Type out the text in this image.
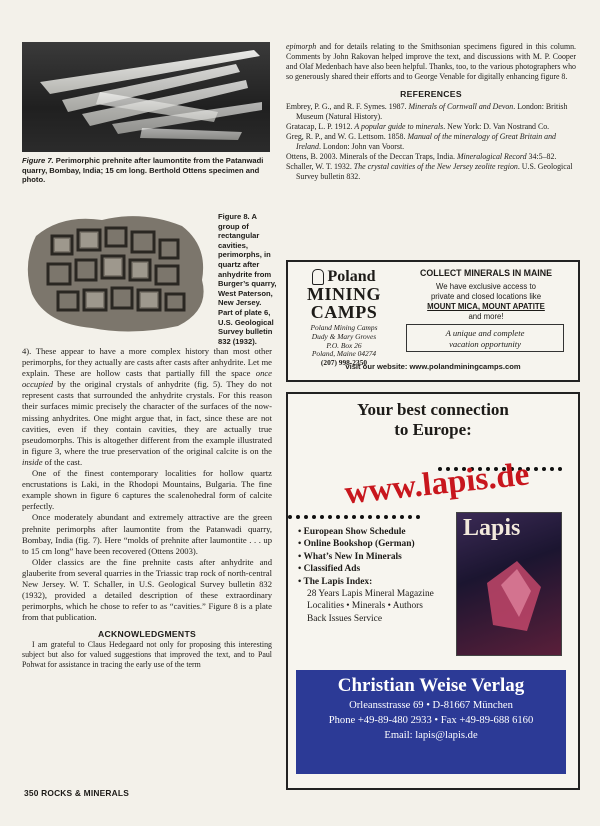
Figure 7. Perimorphic prehnite after laumontite from the Patanwadi quarry, Bombay, India; 15 cm long. Berthold Ottens specimen and photo.
Figure 8. A group of rectangular cavities, perimorphs, in quartz after anhydrite from Burger’s quarry, West Paterson, New Jersey. Part of plate 6, U.S. Geological Survey bulletin 832 (1932).

4). These appear to have a more complex history than most other perimorphs, for they actually are casts after casts after anhydrite. Let me explain. These are hollow casts that partially fill the space once occupied by the original crystals of anhydrite (fig. 5). They do not represent casts that surrounded the anhydrite crystals. For this reason their surfaces mimic precisely the character of the surfaces of the now-missing anhydrites. One might argue that, in fact, since these are not cavities, even if they contain cavities, they are actually true pseudomorphs. This is altogether different from the example illustrated in figure 3, where the true preservation of the original calcite is on the inside of the cast.

One of the finest contemporary localities for hollow quartz encrustations is Laki, in the Rhodopi Mountains, Bulgaria. The fine example shown in figure 6 captures the scalenohedral form of calcite perfectly.

Once moderately abundant and extremely attractive are the green prehnite perimorphs after laumontite from the Patanwadi quarry, Bombay, India (fig. 7). Here “molds of prehnite after laumontite . . . up to 15 cm long” have been recovered (Ottens 2003).

Older classics are the fine prehnite casts after anhydrite and glauberite from several quarries in the Triassic trap rock of north-central New Jersey. W. T. Schaller, in U.S. Geological Survey bulletin 832 (1932), provided a detailed description of these extraordinary perimorphs, which he chose to refer to as “cavities.” Figure 8 is a plate from that publication.

ACKNOWLEDGMENTS

I am grateful to Claus Hedegaard not only for proposing this interesting subject but also for valued suggestions that improved the text, and to Paul Pohwat for assistance in tracing the early use of the term

epimorph and for details relating to the Smithsonian specimens figured in this column. Comments by John Rakovan helped improve the text, and discussions with M. P. Cooper and Olaf Medenbach have also been helpful. Thanks, too, to the various photographers who so generously shared their efforts and to George Venable for digitally enhancing figure 8.

REFERENCES
Embrey, P. G., and R. F. Symes. 1987. Minerals of Cornwall and Devon. London: British Museum (Natural History).
Gratacap, L. P. 1912. A popular guide to minerals. New York: D. Van Nostrand Co.
Greg, R. P., and W. G. Lettsom. 1858. Manual of the mineralogy of Great Britain and Ireland. London: John van Voorst.
Ottens, B. 2003. Minerals of the Deccan Traps, India. Mineralogical Record 34:5–82.
Schaller, W. T. 1932. The crystal cavities of the New Jersey zeolite region. U.S. Geological Survey bulletin 832.
Poland
MINING
CAMPS
Poland Mining Camps
Dudy & Mary Groves
P.O. Box 26
Poland, Maine 04274
(207) 998-2350
COLLECT MINERALS IN MAINE
We have exclusive access to
private and closed locations like
MOUNT MICA, MOUNT APATITE
and more!
A unique and complete
vacation opportunity
visit our website: www.polandminingcamps.com
Your best connection
to Europe:
www.lapis.de
• European Show Schedule
• Online Bookshop (German)
• What’s New In Minerals
• Classified Ads
• The Lapis Index:
28 Years Lapis Mineral Magazine
Localities • Minerals • Authors
Back Issues Service
Lapis
Christian Weise Verlag
Orleansstrasse 69 • D-81667 München
Phone +49-89-480 2933 • Fax +49-89-688 6160
Email: lapis@lapis.de
350 ROCKS & MINERALS
